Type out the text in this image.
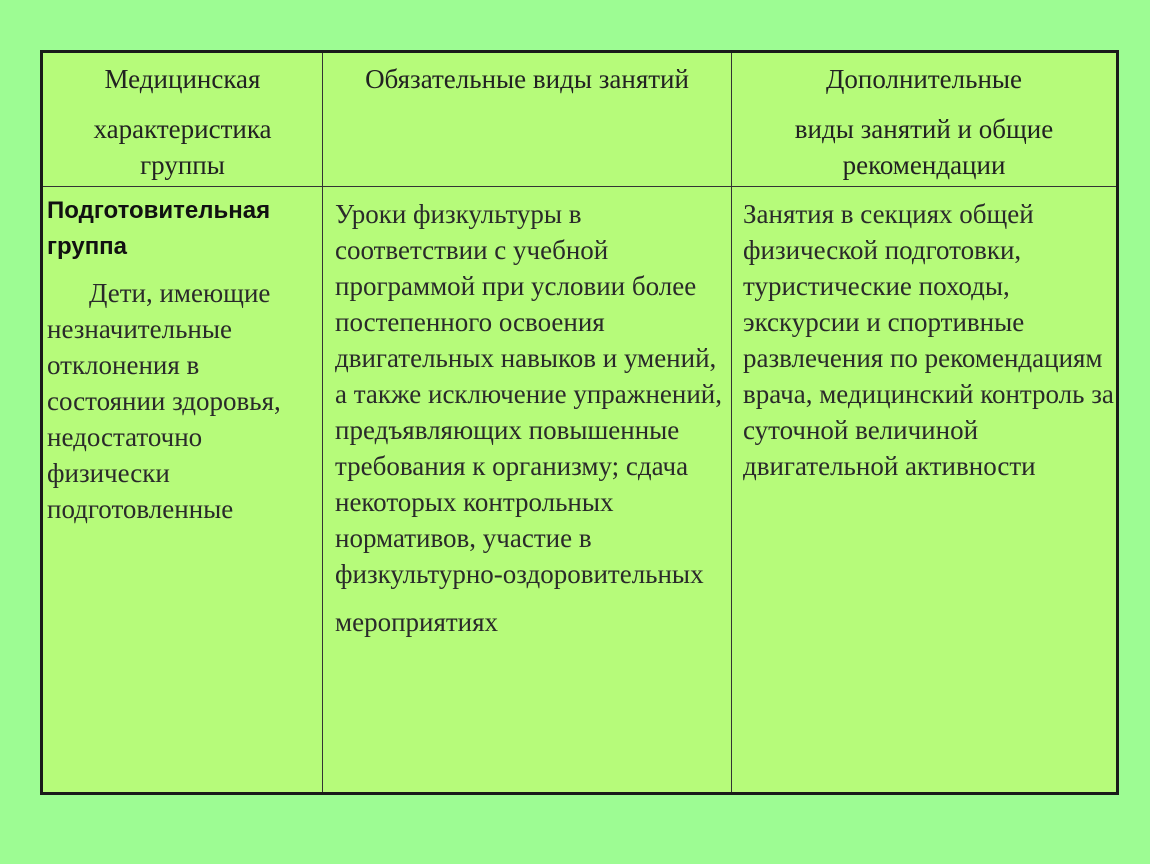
Медицинская
характеристика
группы
Обязательные виды занятий	Дополнительные
виды занятий и общие
рекомендации
Подготовительная группа
Дети, имеющие незначительные отклонения в состоянии здоровья, недостаточно физически подготовленные
Уроки физкультуры в соответствии с учебной программой при условии более постепенного освоения двигательных навыков и умений, а также исключение упражнений, предъявляющих повышенные требования к организму; сдача некоторых контрольных нормативов, участие в физкультурно-оздоровительных
мероприятиях
Занятия в секциях общей физической подготовки, туристические походы, экскурсии и спортивные развлечения по рекомендациям врача, медицинский контроль за суточной величиной двигательной активности
